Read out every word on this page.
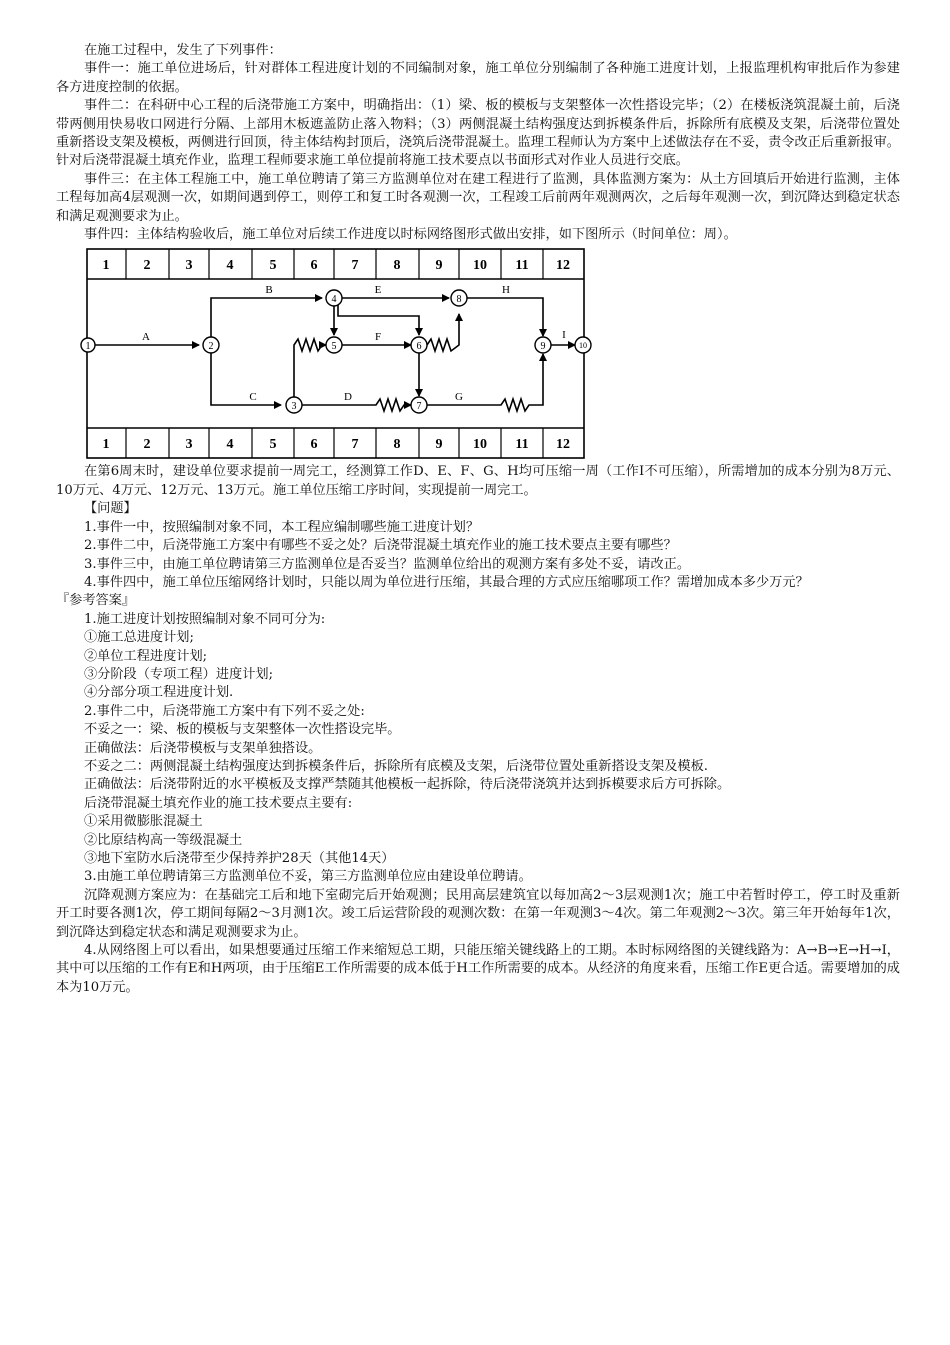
在施工过程中，发生了下列事件：

事件一：施工单位进场后，针对群体工程进度计划的不同编制对象，施工单位分别编制了各种施工进度计划，上报监理机构审批后作为参建各方进度控制的依据。

事件二：在科研中心工程的后浇带施工方案中，明确指出：（1）梁、板的模板与支架整体一次性搭设完毕；（2）在楼板浇筑混凝土前，后浇带两侧用快易收口网进行分隔、上部用木板遮盖防止落入物料；（3）两侧混凝土结构强度达到拆模条件后，拆除所有底模及支架，后浇带位置处重新搭设支架及模板，两侧进行回顶，待主体结构封顶后，浇筑后浇带混凝土。监理工程师认为方案中上述做法存在不妥，责令改正后重新报审。针对后浇带混凝土填充作业，监理工程师要求施工单位提前将施工技术要点以书面形式对作业人员进行交底。

事件三：在主体工程施工中，施工单位聘请了第三方监测单位对在建工程进行了监测，具体监测方案为：从土方回填后开始进行监测，主体工程每加高4层观测一次，如期间遇到停工，则停工和复工时各观测一次，工程竣工后前两年观测两次，之后每年观测一次，到沉降达到稳定状态和满足观测要求为止。

事件四：主体结构验收后，施工单位对后续工作进度以时标网络图形式做出安排，如下图所示（时间单位：周）。

1 2	3 4	5 6 7	8	9 10 11 12
1 2	3 4	5 6 7	8	9 10 11 12
A
B
C	D
E
F
G
H
I
1	2
3
4
5	6
7
8
9	10

在第6周末时，建设单位要求提前一周完工，经测算工作D、E、F、G、H均可压缩一周（工作I不可压缩），所需增加的成本分别为8万元、10万元、4万元、12万元、13万元。施工单位压缩工序时间，实现提前一周完工。

【问题】

1.事件一中，按照编制对象不同，本工程应编制哪些施工进度计划？

2.事件二中，后浇带施工方案中有哪些不妥之处？后浇带混凝土填充作业的施工技术要点主要有哪些？

3.事件三中，由施工单位聘请第三方监测单位是否妥当？监测单位给出的观测方案有多处不妥，请改正。

4.事件四中，施工单位压缩网络计划时，只能以周为单位进行压缩，其最合理的方式应压缩哪项工作？需增加成本多少万元？

『参考答案』

1.施工进度计划按照编制对象不同可分为:

①施工总进度计划;

②单位工程进度计划;

③分阶段（专项工程）进度计划;

④分部分项工程进度计划.

2.事件二中，后浇带施工方案中有下列不妥之处:

不妥之一：梁、板的模板与支架整体一次性搭设完毕。

正确做法：后浇带模板与支架单独搭设。

不妥之二：两侧混凝土结构强度达到拆模条件后，拆除所有底模及支架，后浇带位置处重新搭设支架及模板.

正确做法：后浇带附近的水平模板及支撑严禁随其他模板一起拆除，待后浇带浇筑并达到拆模要求后方可拆除。

后浇带混凝土填充作业的施工技术要点主要有:

①采用微膨胀混凝土

②比原结构高一等级混凝土

③地下室防水后浇带至少保持养护28天（其他14天）

3.由施工单位聘请第三方监测单位不妥，第三方监测单位应由建设单位聘请。

沉降观测方案应为：在基础完工后和地下室砌完后开始观测；民用高层建筑宜以每加高2～3层观测1次；施工中若暂时停工，停工时及重新开工时要各测1次，停工期间每隔2～3月测1次。竣工后运营阶段的观测次数：在第一年观测3～4次。第二年观测2～3次。第三年开始每年1次，到沉降达到稳定状态和满足观测要求为止。

4.从网络图上可以看出，如果想要通过压缩工作来缩短总工期，只能压缩关键线路上的工期。本时标网络图的关键线路为：A→B→E→H→I，其中可以压缩的工作有E和H两项，由于压缩E工作所需要的成本低于H工作所需要的成本。从经济的角度来看，压缩工作E更合适。需要增加的成本为10万元。
